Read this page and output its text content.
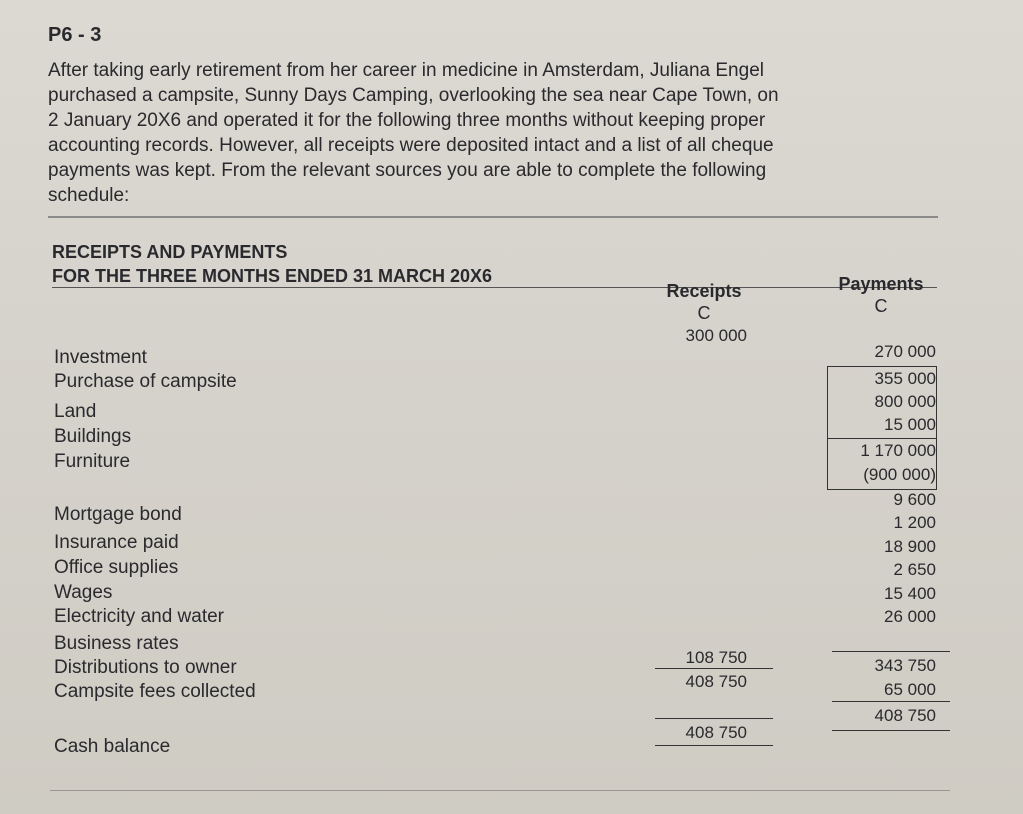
P6 - 3
After taking early retirement from her career in medicine in Amsterdam, Juliana Engel
purchased a campsite, Sunny Days Camping, overlooking the sea near Cape Town, on
2 January 20X6 and operated it for the following three months without keeping proper
accounting records. However, all receipts were deposited intact and a list of all cheque
payments was kept. From the relevant sources you are able to complete the following
schedule:
RECEIPTS AND PAYMENTS
FOR THE THREE MONTHS ENDED 31 MARCH 20X6
Receipts
C
Payments
C
Investment
Purchase of campsite
Land
Buildings
Furniture
Mortgage bond
Insurance paid
Office supplies
Wages
Electricity and water
Business rates
Distributions to owner
Campsite fees collected
Cash balance
300 000
108 750
408 750
408 750
270 000
355 000
800 000
15 000
1 170 000
(900 000)
9 600
1 200
18 900
2 650
15 400
26 000
343 750
65 000
408 750
